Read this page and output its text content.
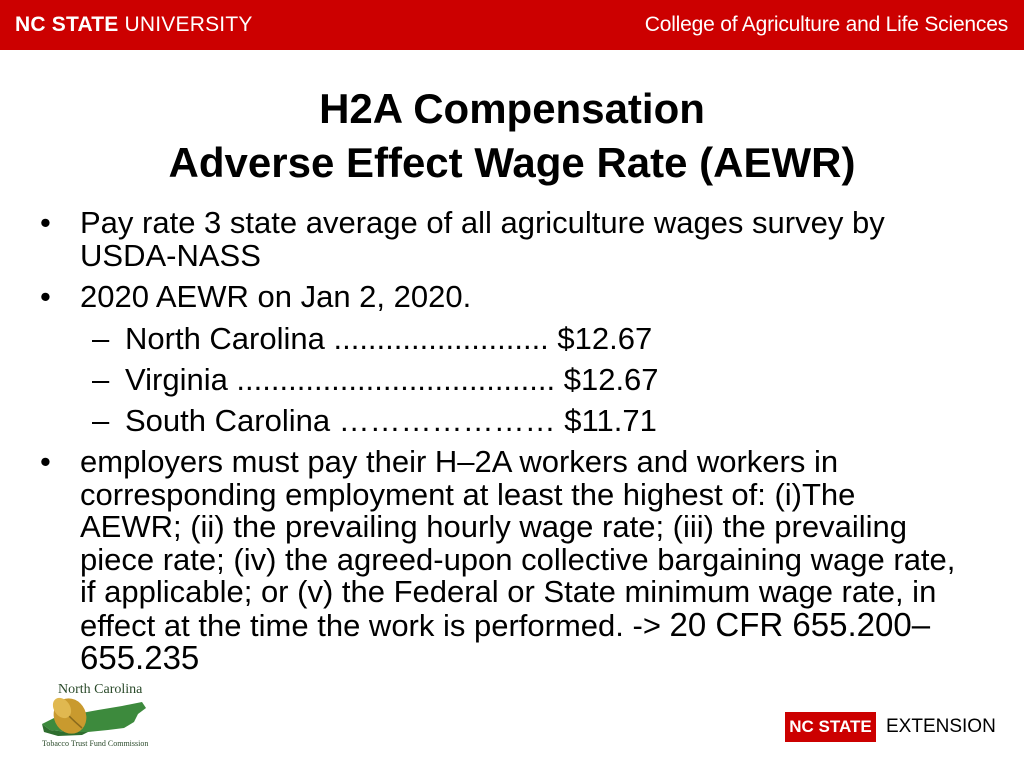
NC STATE UNIVERSITY	College of Agriculture and Life Sciences
H2A Compensation
Adverse Effect Wage Rate (AEWR)
• Pay rate 3 state average of all agriculture wages survey by USDA-NASS
• 2020 AEWR on Jan 2, 2020.
– North Carolina ......................... $12.67
– Virginia ..................................... $12.67
– South Carolina ………………… $11.71
• employers must pay their H–2A workers and workers in corresponding employment at least the highest of: (i)The AEWR; (ii) the prevailing hourly wage rate; (iii) the prevailing piece rate; (iv) the agreed-upon collective bargaining wage rate, if applicable; or (v) the Federal or State minimum wage rate, in effect at the time the work is performed. -> 20 CFR 655.200– 655.235
North Carolina
Tobacco Trust Fund Commission
NC STATE EXTENSION
